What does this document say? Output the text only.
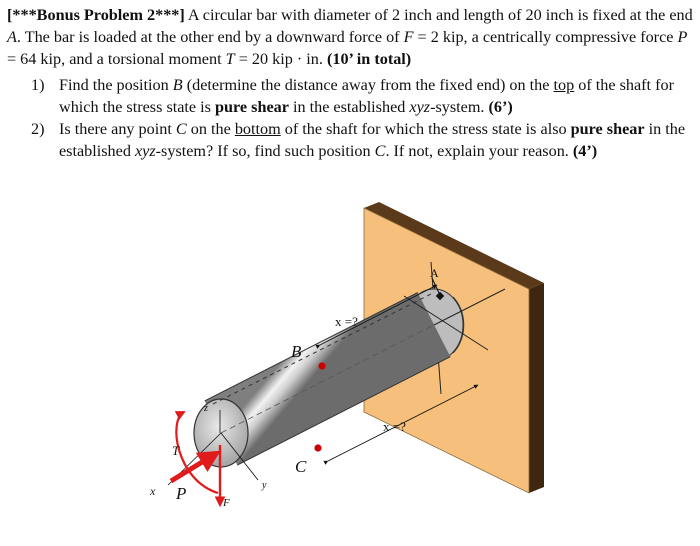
[***Bonus Problem 2***] A circular bar with diameter of 2 inch and length of 20 inch is fixed at the end A. The bar is loaded at the other end by a downward force of F = 2 kip, a centrically compressive force P = 64 kip, and a torsional moment T = 20 kip · in. (10’ in total)

1) Find the position B (determine the distance away from the fixed end) on the top of the shaft for which the stress state is pure shear in the established xyz-system. (6’)
2) Is there any point C on the bottom of the shaft for which the stress state is also pure shear in the established xyz-system? If so, find such position C. If not, explain your reason. (4’)
A
x =?
B
x =?
C
z
y
x
T
P	F
